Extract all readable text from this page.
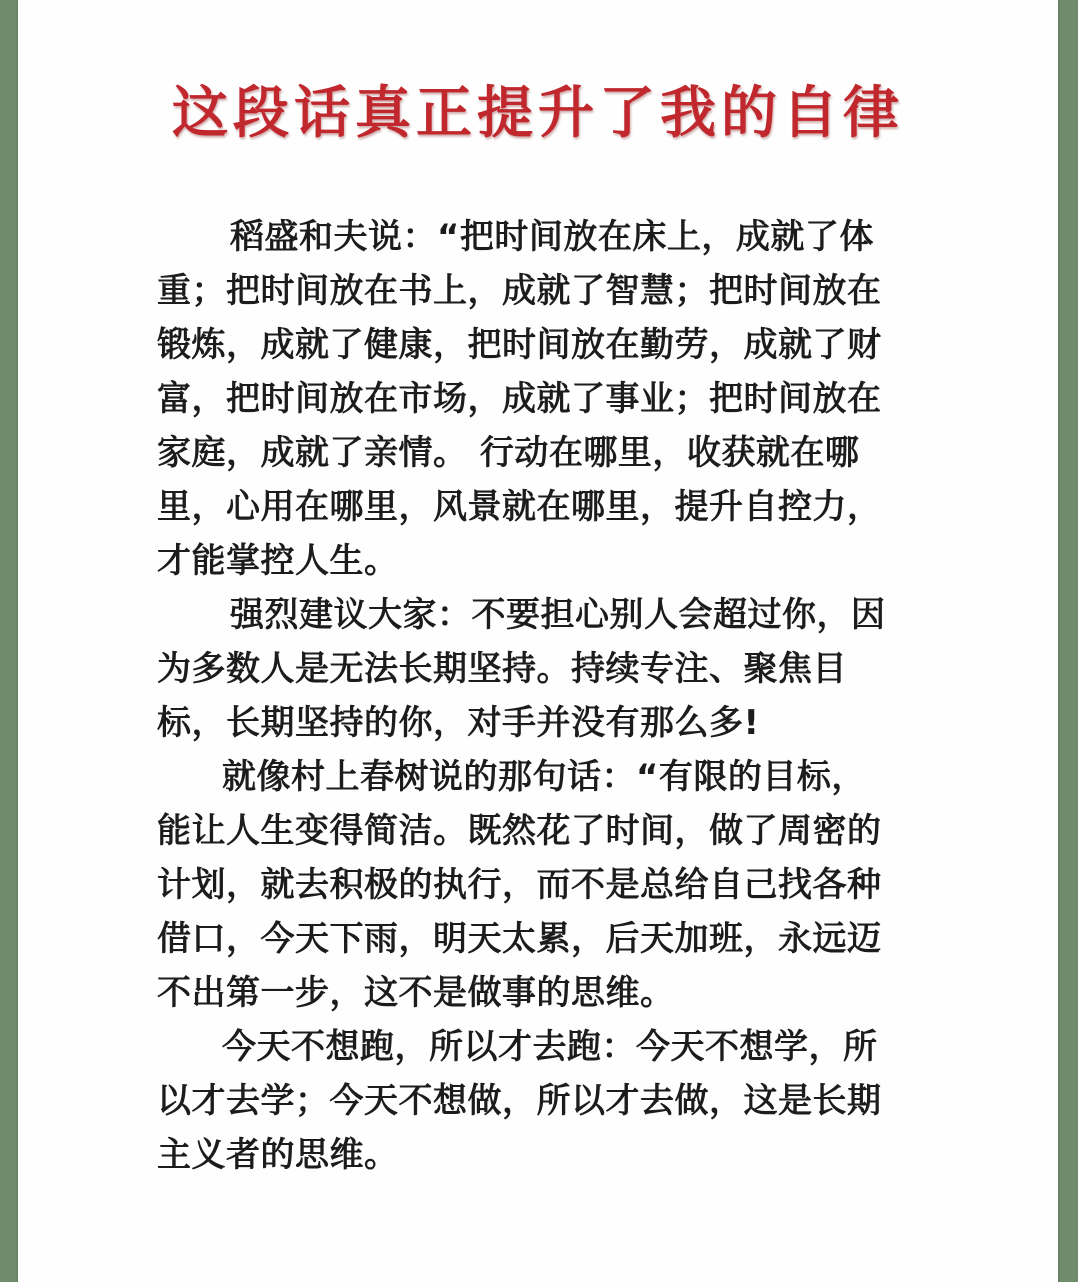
这段话真正提升了我的自律
稻盛和夫说：“把时间放在床上，成就了体
重；把时间放在书上，成就了智慧；把时间放在
锻炼，成就了健康，把时间放在勤劳，成就了财
富，把时间放在市场，成就了事业；把时间放在
家庭，成就了亲情。 行动在哪里，收获就在哪
里，心用在哪里，风景就在哪里，提升自控力，
才能掌控人生。
强烈建议大家：不要担心别人会超过你，因
为多数人是无法长期坚持。持续专注、聚焦目
标，长期坚持的你，对手并没有那么多!
就像村上春树说的那句话：“有限的目标，
能让人生变得简洁。既然花了时间，做了周密的
计划，就去积极的执行，而不是总给自己找各种
借口，今天下雨，明天太累，后天加班，永远迈
不出第一步，这不是做事的思维。
今天不想跑，所以才去跑：今天不想学，所
以才去学；今天不想做，所以才去做，这是长期
主义者的思维。
